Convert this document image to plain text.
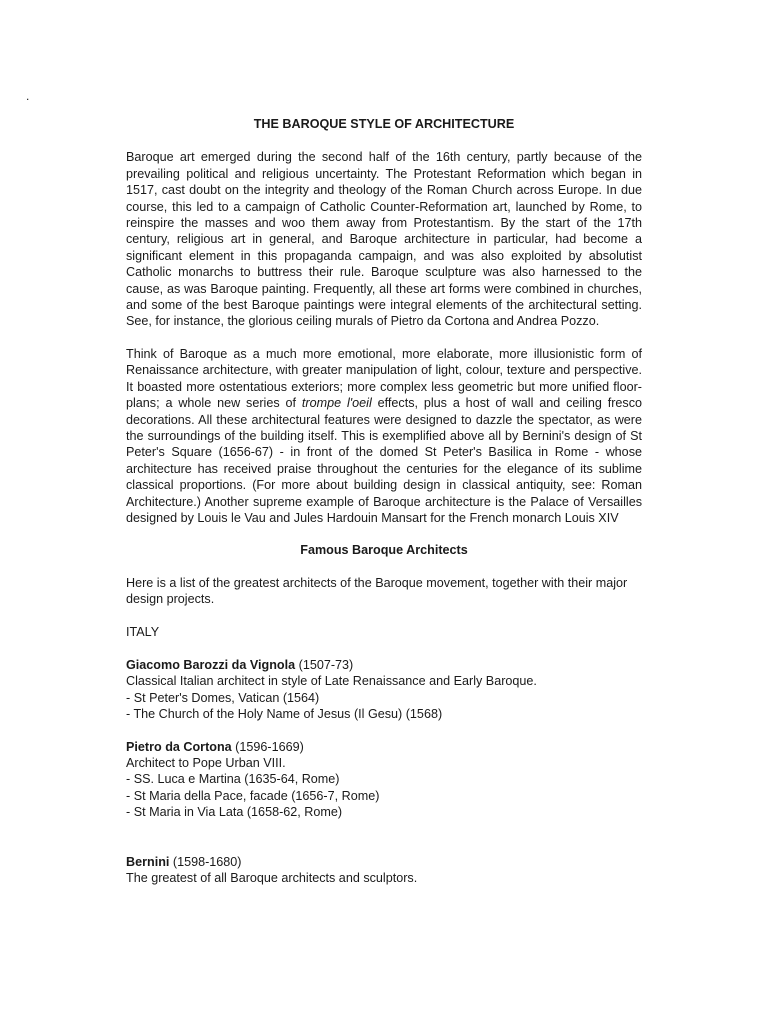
.
THE BAROQUE STYLE OF ARCHITECTURE

Baroque art emerged during the second half of the 16th century, partly because of the prevailing political and religious uncertainty. The Protestant Reformation which began in 1517, cast doubt on the integrity and theology of the Roman Church across Europe. In due course, this led to a campaign of Catholic Counter-Reformation art, launched by Rome, to reinspire the masses and woo them away from Protestantism. By the start of the 17th century, religious art in general, and Baroque architecture in particular, had become a significant element in this propaganda campaign, and was also exploited by absolutist Catholic monarchs to buttress their rule. Baroque sculpture was also harnessed to the cause, as was Baroque painting. Frequently, all these art forms were combined in churches, and some of the best Baroque paintings were integral elements of the architectural setting. See, for instance, the glorious ceiling murals of Pietro da Cortona and Andrea Pozzo.

Think of Baroque as a much more emotional, more elaborate, more illusionistic form of Renaissance architecture, with greater manipulation of light, colour, texture and perspective. It boasted more ostentatious exteriors; more complex less geometric but more unified floor-plans; a whole new series of trompe l'oeil effects, plus a host of wall and ceiling fresco decorations. All these architectural features were designed to dazzle the spectator, as were the surroundings of the building itself. This is exemplified above all by Bernini's design of St Peter's Square (1656-67) - in front of the domed St Peter's Basilica in Rome - whose architecture has received praise throughout the centuries for the elegance of its sublime classical proportions. (For more about building design in classical antiquity, see: Roman Architecture.) Another supreme example of Baroque architecture is the Palace of Versailles designed by Louis le Vau and Jules Hardouin Mansart for the French monarch Louis XIV

Famous Baroque Architects

Here is a list of the greatest architects of the Baroque movement, together with their major design projects.

ITALY
Giacomo Barozzi da Vignola (1507-73)
Classical Italian architect in style of Late Renaissance and Early Baroque.
- St Peter's Domes, Vatican (1564)
- The Church of the Holy Name of Jesus (Il Gesu) (1568)
Pietro da Cortona (1596-1669)
Architect to Pope Urban VIII.
- SS. Luca e Martina (1635-64, Rome)
- St Maria della Pace, facade (1656-7, Rome)
- St Maria in Via Lata (1658-62, Rome)
Bernini (1598-1680)
The greatest of all Baroque architects and sculptors.
